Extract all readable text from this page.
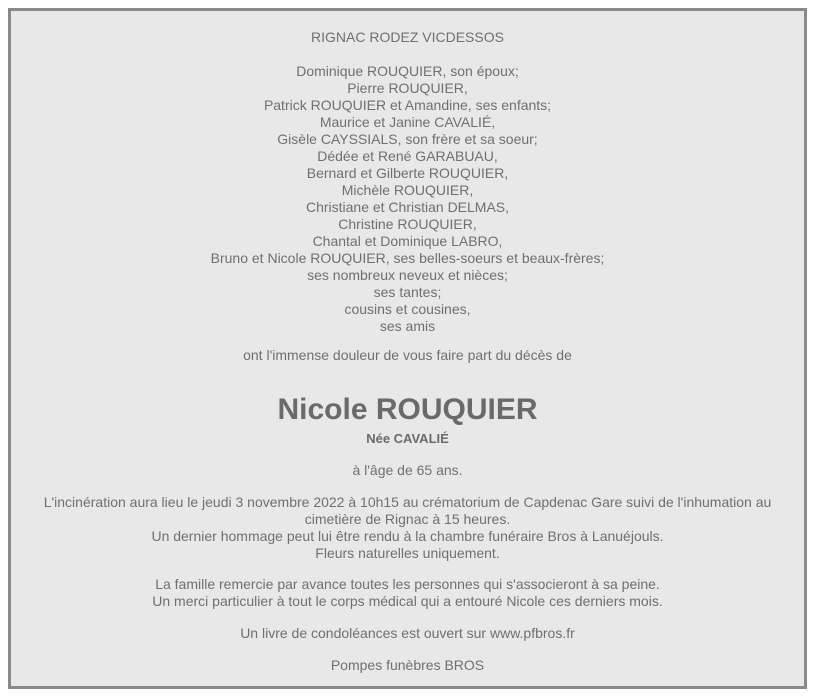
RIGNAC RODEZ VICDESSOS
Dominique ROUQUIER, son époux;
Pierre ROUQUIER,
Patrick ROUQUIER et Amandine, ses enfants;
Maurice et Janine CAVALIÉ,
Gisèle CAYSSIALS, son frère et sa soeur;
Dédée et René GARABUAU,
Bernard et Gilberte ROUQUIER,
Michèle ROUQUIER,
Christiane et Christian DELMAS,
Christine ROUQUIER,
Chantal et Dominique LABRO,
Bruno et Nicole ROUQUIER, ses belles-soeurs et beaux-frères;
ses nombreux neveux et nièces;
ses tantes;
cousins et cousines,
ses amis
ont l'immense douleur de vous faire part du décès de
Nicole ROUQUIER
Née CAVALIÉ
à l'âge de 65 ans.
L'incinération aura lieu le jeudi 3 novembre 2022 à 10h15 au crématorium de Capdenac Gare suivi de l'inhumation au cimetière de Rignac à 15 heures.
Un dernier hommage peut lui être rendu à la chambre funéraire Bros à Lanuéjouls.
Fleurs naturelles uniquement.
La famille remercie par avance toutes les personnes qui s'associeront à sa peine.
Un merci particulier à tout le corps médical qui a entouré Nicole ces derniers mois.
Un livre de condoléances est ouvert sur www.pfbros.fr
Pompes funèbres BROS
